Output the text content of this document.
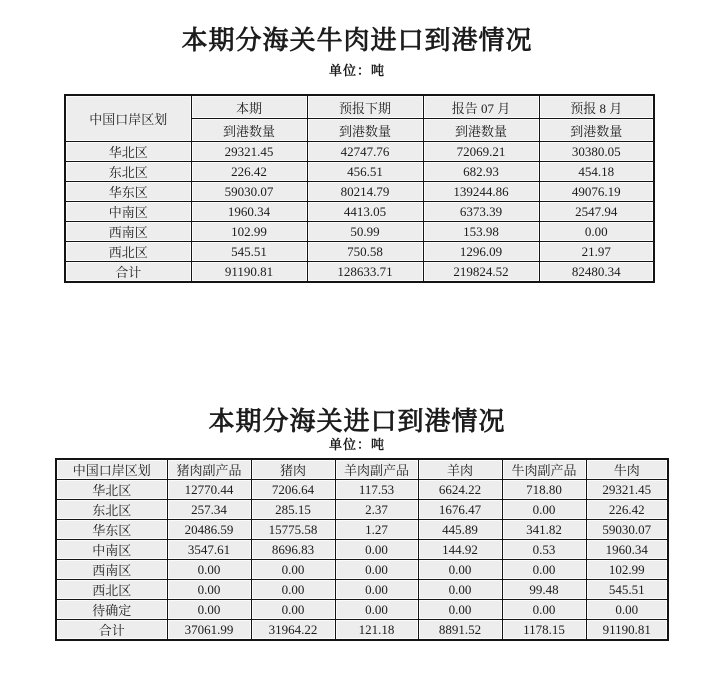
本期分海关牛肉进口到港情况
单位：吨
中国口岸区划	本期	预报下期	报告 07 月	预报 8 月
	到港数量	到港数量	到港数量	到港数量
华北区	29321.45	42747.76	72069.21	30380.05
东北区	226.42	456.51	682.93	454.18
华东区	59030.07	80214.79	139244.86	49076.19
中南区	1960.34	4413.05	6373.39	2547.94
西南区	102.99	50.99	153.98	0.00
西北区	545.51	750.58	1296.09	21.97
合计	91190.81	128633.71	219824.52	82480.34
本期分海关进口到港情况
单位：吨
中国口岸区划	猪肉副产品	猪肉	羊肉副产品	羊肉	牛肉副产品	牛肉
华北区	12770.44	7206.64	117.53	6624.22	718.80	29321.45
东北区	257.34	285.15	2.37	1676.47	0.00	226.42
华东区	20486.59	15775.58	1.27	445.89	341.82	59030.07
中南区	3547.61	8696.83	0.00	144.92	0.53	1960.34
西南区	0.00	0.00	0.00	0.00	0.00	102.99
西北区	0.00	0.00	0.00	0.00	99.48	545.51
待确定	0.00	0.00	0.00	0.00	0.00	0.00
合计	37061.99	31964.22	121.18	8891.52	1178.15	91190.81
